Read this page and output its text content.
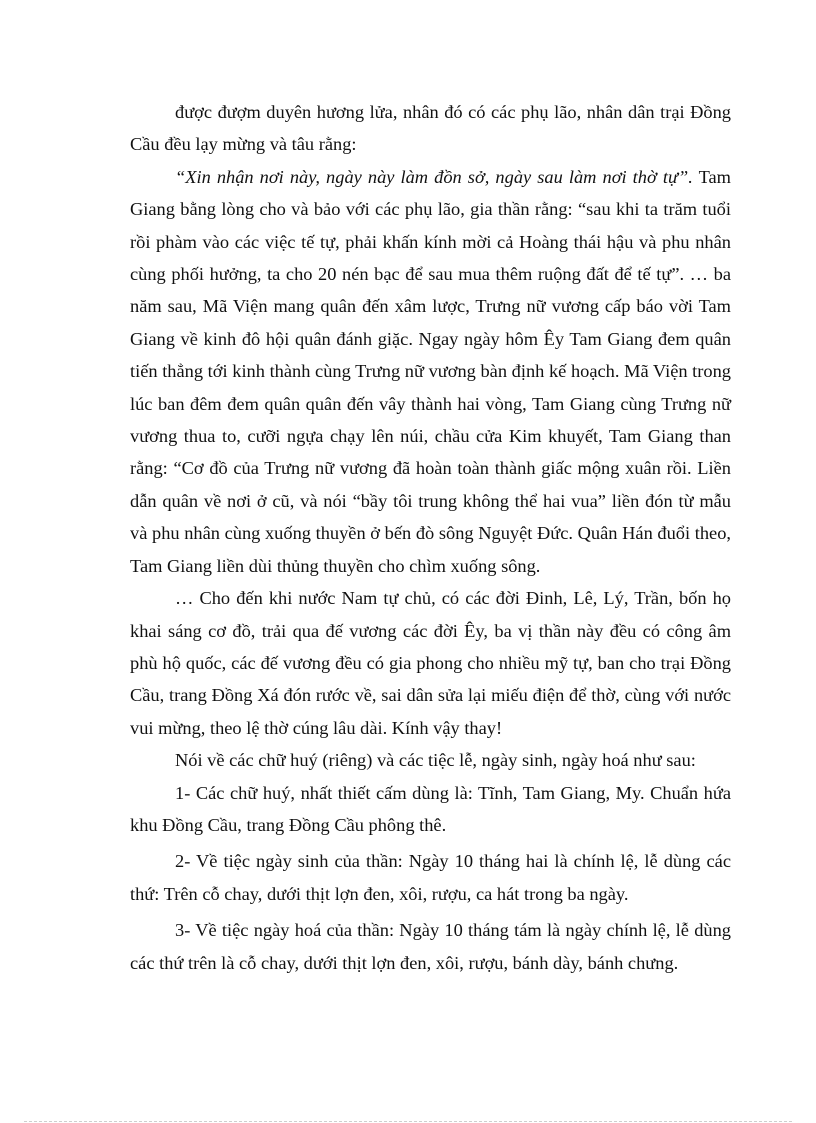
được đượm duyên hương lửa, nhân đó có các phụ lão, nhân dân trại Đồng Cầu đều lạy mừng và tâu rằng:

“Xin nhận nơi này, ngày này làm đồn sở, ngày sau làm nơi thờ tự”. Tam Giang bằng lòng cho và bảo với các phụ lão, gia thần rằng: “sau khi ta trăm tuổi rồi phàm vào các việc tế tự, phải khấn kính mời cả Hoàng thái hậu và phu nhân cùng phối hưởng, ta cho 20 nén bạc để sau mua thêm ruộng đất để tế tự”. … ba năm sau, Mã Viện mang quân đến xâm lược, Trưng nữ vương cấp báo vời Tam Giang về kinh đô hội quân đánh giặc. Ngay ngày hôm Êy Tam Giang đem quân tiến thẳng tới kinh thành cùng Trưng nữ vương bàn định kế hoạch. Mã Viện trong lúc ban đêm đem quân quân đến vây thành hai vòng, Tam Giang cùng Trưng nữ vương thua to, cưỡi ngựa chạy lên núi, chầu cửa Kim khuyết, Tam Giang than rằng: “Cơ đồ của Trưng nữ vương đã hoàn toàn thành giấc mộng xuân rồi. Liền dẫn quân về nơi ở cũ, và nói “bầy tôi trung không thể hai vua” liền đón từ mẫu và phu nhân cùng xuống thuyền ở bến đò sông Nguyệt Đức. Quân Hán đuổi theo, Tam Giang liền dùi thủng thuyền cho chìm xuống sông.

… Cho đến khi nước Nam tự chủ, có các đời Đinh, Lê, Lý, Trần, bốn họ khai sáng cơ đồ, trải qua đế vương các đời Êy, ba vị thần này đều có công âm phù hộ quốc, các đế vương đều có gia phong cho nhiều mỹ tự, ban cho trại Đồng Cầu, trang Đồng Xá đón rước về, sai dân sửa lại miếu điện để thờ, cùng với nước vui mừng, theo lệ thờ cúng lâu dài. Kính vậy thay!

Nói về các chữ huý (riêng) và các tiệc lễ, ngày sinh, ngày hoá như sau:

1- Các chữ huý, nhất thiết cấm dùng là: Tĩnh, Tam Giang, My. Chuẩn hứa khu Đồng Cầu, trang Đồng Cầu phông thê.

2- Về tiệc ngày sinh của thần: Ngày 10 tháng hai là chính lệ, lễ dùng các thứ: Trên cỗ chay, dưới thịt lợn đen, xôi, rượu, ca hát trong ba ngày.

3- Về tiệc ngày hoá của thần: Ngày 10 tháng tám là ngày chính lệ, lễ dùng các thứ trên là cỗ chay, dưới thịt lợn đen, xôi, rượu, bánh dày, bánh chưng.
